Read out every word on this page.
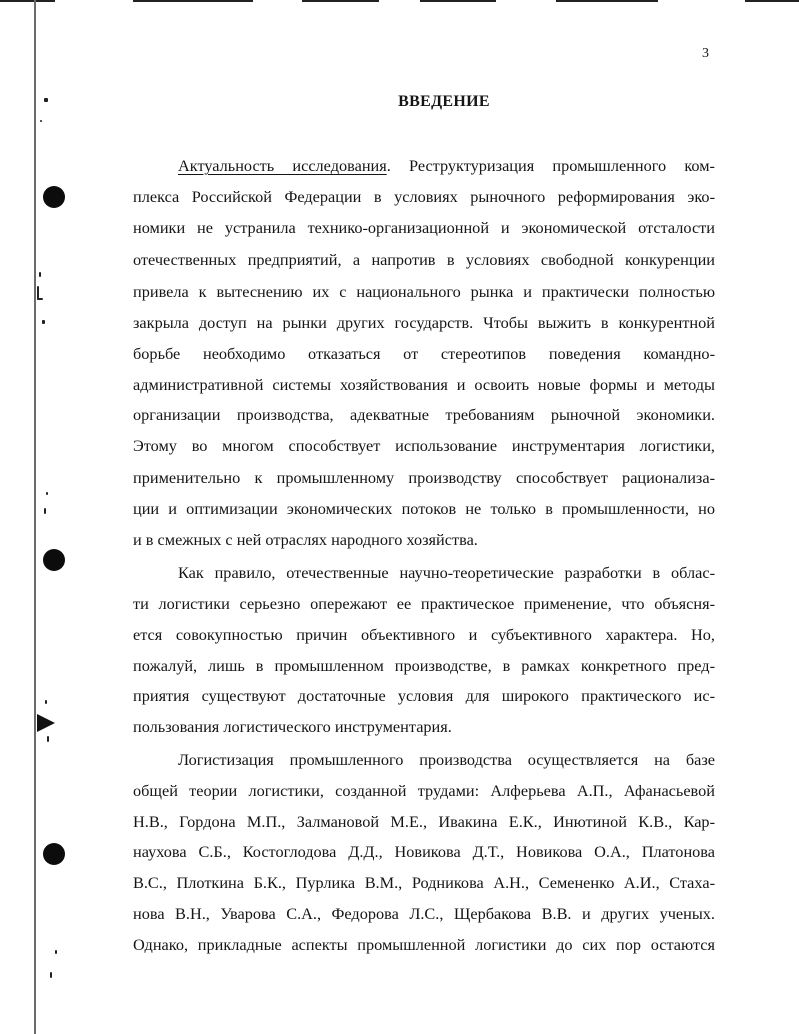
3
ВВЕДЕНИЕ
Актуальность исследования. Реструктуризация промышленного ком-
плекса Российской Федерации в условиях рыночного реформирования эко-
номики не устранила технико-организационной и экономической отсталости
отечественных предприятий, а напротив в условиях свободной конкуренции
привела к вытеснению их с национального рынка и практически полностью
закрыла доступ на рынки других государств. Чтобы выжить в конкурентной
борьбе необходимо отказаться от стереотипов поведения командно-
административной системы хозяйствования и освоить новые формы и методы
организации производства, адекватные требованиям рыночной экономики.
Этому во многом способствует использование инструментария логистики,
применительно к промышленному производству способствует рационализа-
ции и оптимизации экономических потоков не только в промышленности, но
и в смежных с ней отраслях народного хозяйства.
Как правило, отечественные научно-теоретические разработки в облас-
ти логистики серьезно опережают ее практическое применение, что объясня-
ется совокупностью причин объективного и субъективного характера. Но,
пожалуй, лишь в промышленном производстве, в рамках конкретного пред-
приятия существуют достаточные условия для широкого практического ис-
пользования логистического инструментария.
Логистизация промышленного производства осуществляется на базе
общей теории логистики, созданной трудами: Алферьева А.П., Афанасьевой
Н.В., Гордона М.П., Залмановой М.Е., Ивакина Е.К., Инютиной К.В., Кар-
наухова С.Б., Костоглодова Д.Д., Новикова Д.Т., Новикова О.А., Платонова
В.С., Плоткина Б.К., Пурлика В.М., Родникова А.Н., Семененко А.И., Стаха-
нова В.Н., Уварова С.А., Федорова Л.С., Щербакова В.В. и других ученых.
Однако, прикладные аспекты промышленной логистики до сих пор остаются
